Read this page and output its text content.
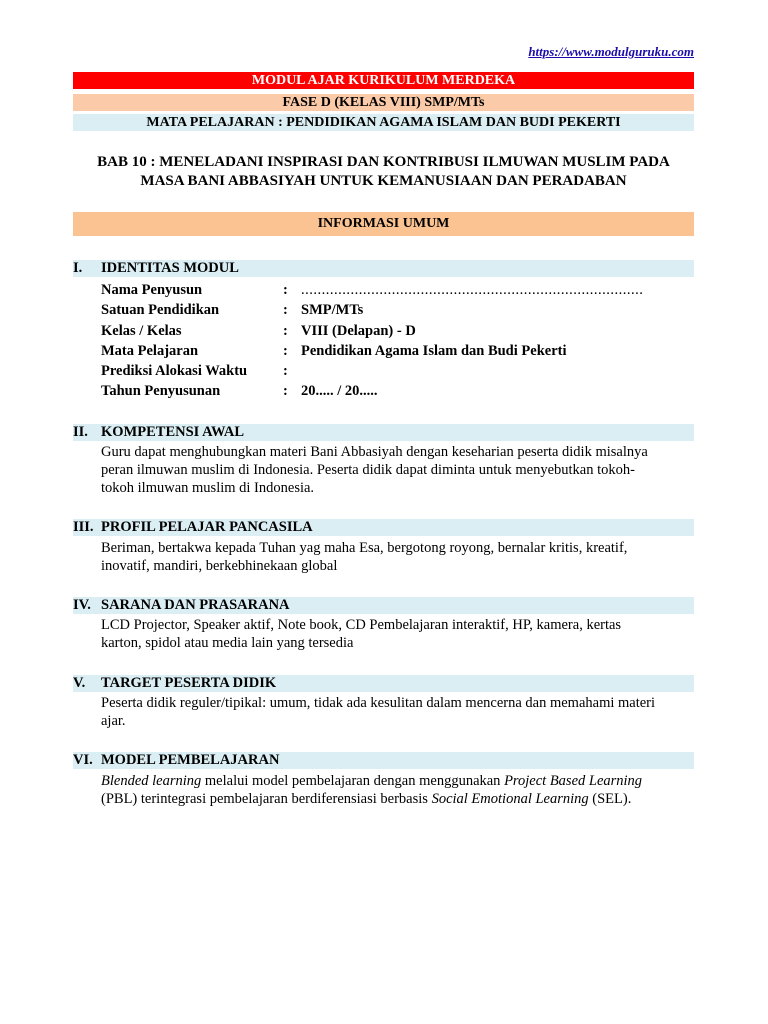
https://www.modulguruku.com
MODUL AJAR KURIKULUM MERDEKA
FASE D (KELAS VIII) SMP/MTs
MATA PELAJARAN : PENDIDIKAN AGAMA ISLAM DAN BUDI PEKERTI
BAB 10 : MENELADANI INSPIRASI DAN KONTRIBUSI ILMUWAN MUSLIM PADA
MASA BANI ABBASIYAH UNTUK KEMANUSIAAN DAN PERADABAN
INFORMASI UMUM
I. IDENTITAS MODUL
Nama Penyusun	: ...................................................................................
Satuan Pendidikan	: SMP/MTs
Kelas / Kelas	: VIII (Delapan) - D
Mata Pelajaran	: Pendidikan Agama Islam dan Budi Pekerti
Prediksi Alokasi Waktu :
Tahun Penyusunan	: 20..... / 20.....
II. KOMPETENSI AWAL
Guru dapat menghubungkan materi Bani Abbasiyah dengan keseharian peserta didik misalnya
peran ilmuwan muslim di Indonesia. Peserta didik dapat diminta untuk menyebutkan tokoh-
tokoh ilmuwan muslim di Indonesia.
III. PROFIL PELAJAR PANCASILA
Beriman, bertakwa kepada Tuhan yag maha Esa, bergotong royong, bernalar kritis, kreatif,
inovatif, mandiri, berkebhinekaan global
IV. SARANA DAN PRASARANA
LCD Projector, Speaker aktif, Note book, CD Pembelajaran interaktif, HP, kamera, kertas
karton, spidol atau media lain yang tersedia
V. TARGET PESERTA DIDIK
Peserta didik reguler/tipikal: umum, tidak ada kesulitan dalam mencerna dan memahami materi
ajar.
VI. MODEL PEMBELAJARAN
Blended learning melalui model pembelajaran dengan menggunakan Project Based Learning
(PBL) terintegrasi pembelajaran berdiferensiasi berbasis Social Emotional Learning (SEL).
